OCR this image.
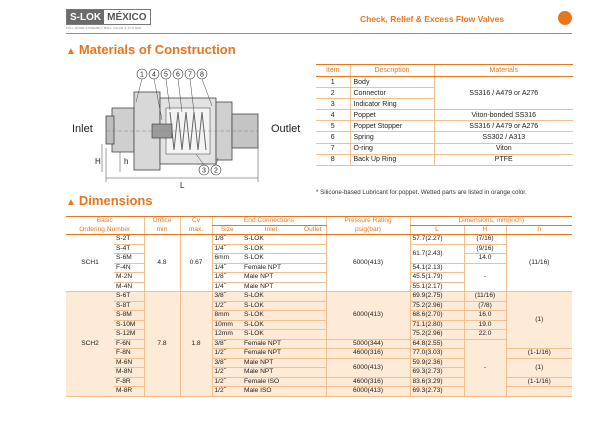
S-LOK MÉXICO
FULL-BORE ASSEMBLY BALL VALVE & SYSTEM
Check, Relief & Excess Flow Valves
▲ Materials of Construction
Inlet	Outlet
1 4 5 6 7 8
3 2
L
H	h
Item	Description	Materials
1	Body	SS316 / A479 or A276
2	Connector	
3	Indicator Ring	
4	Poppet	Viton-bonded SS316
5	Poppet Stopper	SS316 / A479 or A276
6	Spring	SS302 / A313
7	O-ring	Viton
8	Back Up Ring	PTFE
* Silicone-based Lubricant for poppet. Wetted parts are listed in orange color.
▲ Dimensions
Basic		Orifice	Cv	End Connections			Pressure Rating	Dimensions, mm(inch)		
Ordering Number		mm	max.	Size	Inlet	Outlet	psig(bar)	L	H	h
SCH1	S-2T	4.8	0.67	1/8˝	S-LOK		6000(413)	57.7(2.27)	(7/16)	(11/16)
	S-4T			1/4˝	S-LOK			61.7(2.43)	(9/16)	
	S-6M			6mm	S-LOK				14.0	
	F-4N			1/4˝	Female NPT			54.1(2.13)	-	
	M-2N			1/8˝	Male NPT			45.5(1.79)		
	M-4N			1/4˝	Male NPT			55.1(2.17)		
SCH2	S-6T	7.8	1.8	3/8˝	S-LOK		6000(413)	69.9(2.75)	(11/16)	(1)
	S-8T			1/2˝	S-LOK			75.2(2.96)	(7/8)	
	S-8M			8mm	S-LOK			68.6(2.70)	16.0	
	S-10M			10mm	S-LOK			71.1(2.80)	19.0	
	S-12M			12mm	S-LOK			75.2(2.96)	22.0	
	F-6N			3/8˝	Female NPT		5000(344)	64.8(2.55)	-	
	F-8N			1/2˝	Female NPT		4600(316)	77.0(3.03)		(1-1/16)
	M-6N			3/8˝	Male NPT		6000(413)	59.9(2.36)		(1)
	M-8N			1/2˝	Male NPT			69.3(2.73)		
	F-8R			1/2˝	Female ISO		4600(316)	83.6(3.29)		(1-1/16)
	M-8R			1/2˝	Male ISO		6000(413)	69.3(2.73)		
